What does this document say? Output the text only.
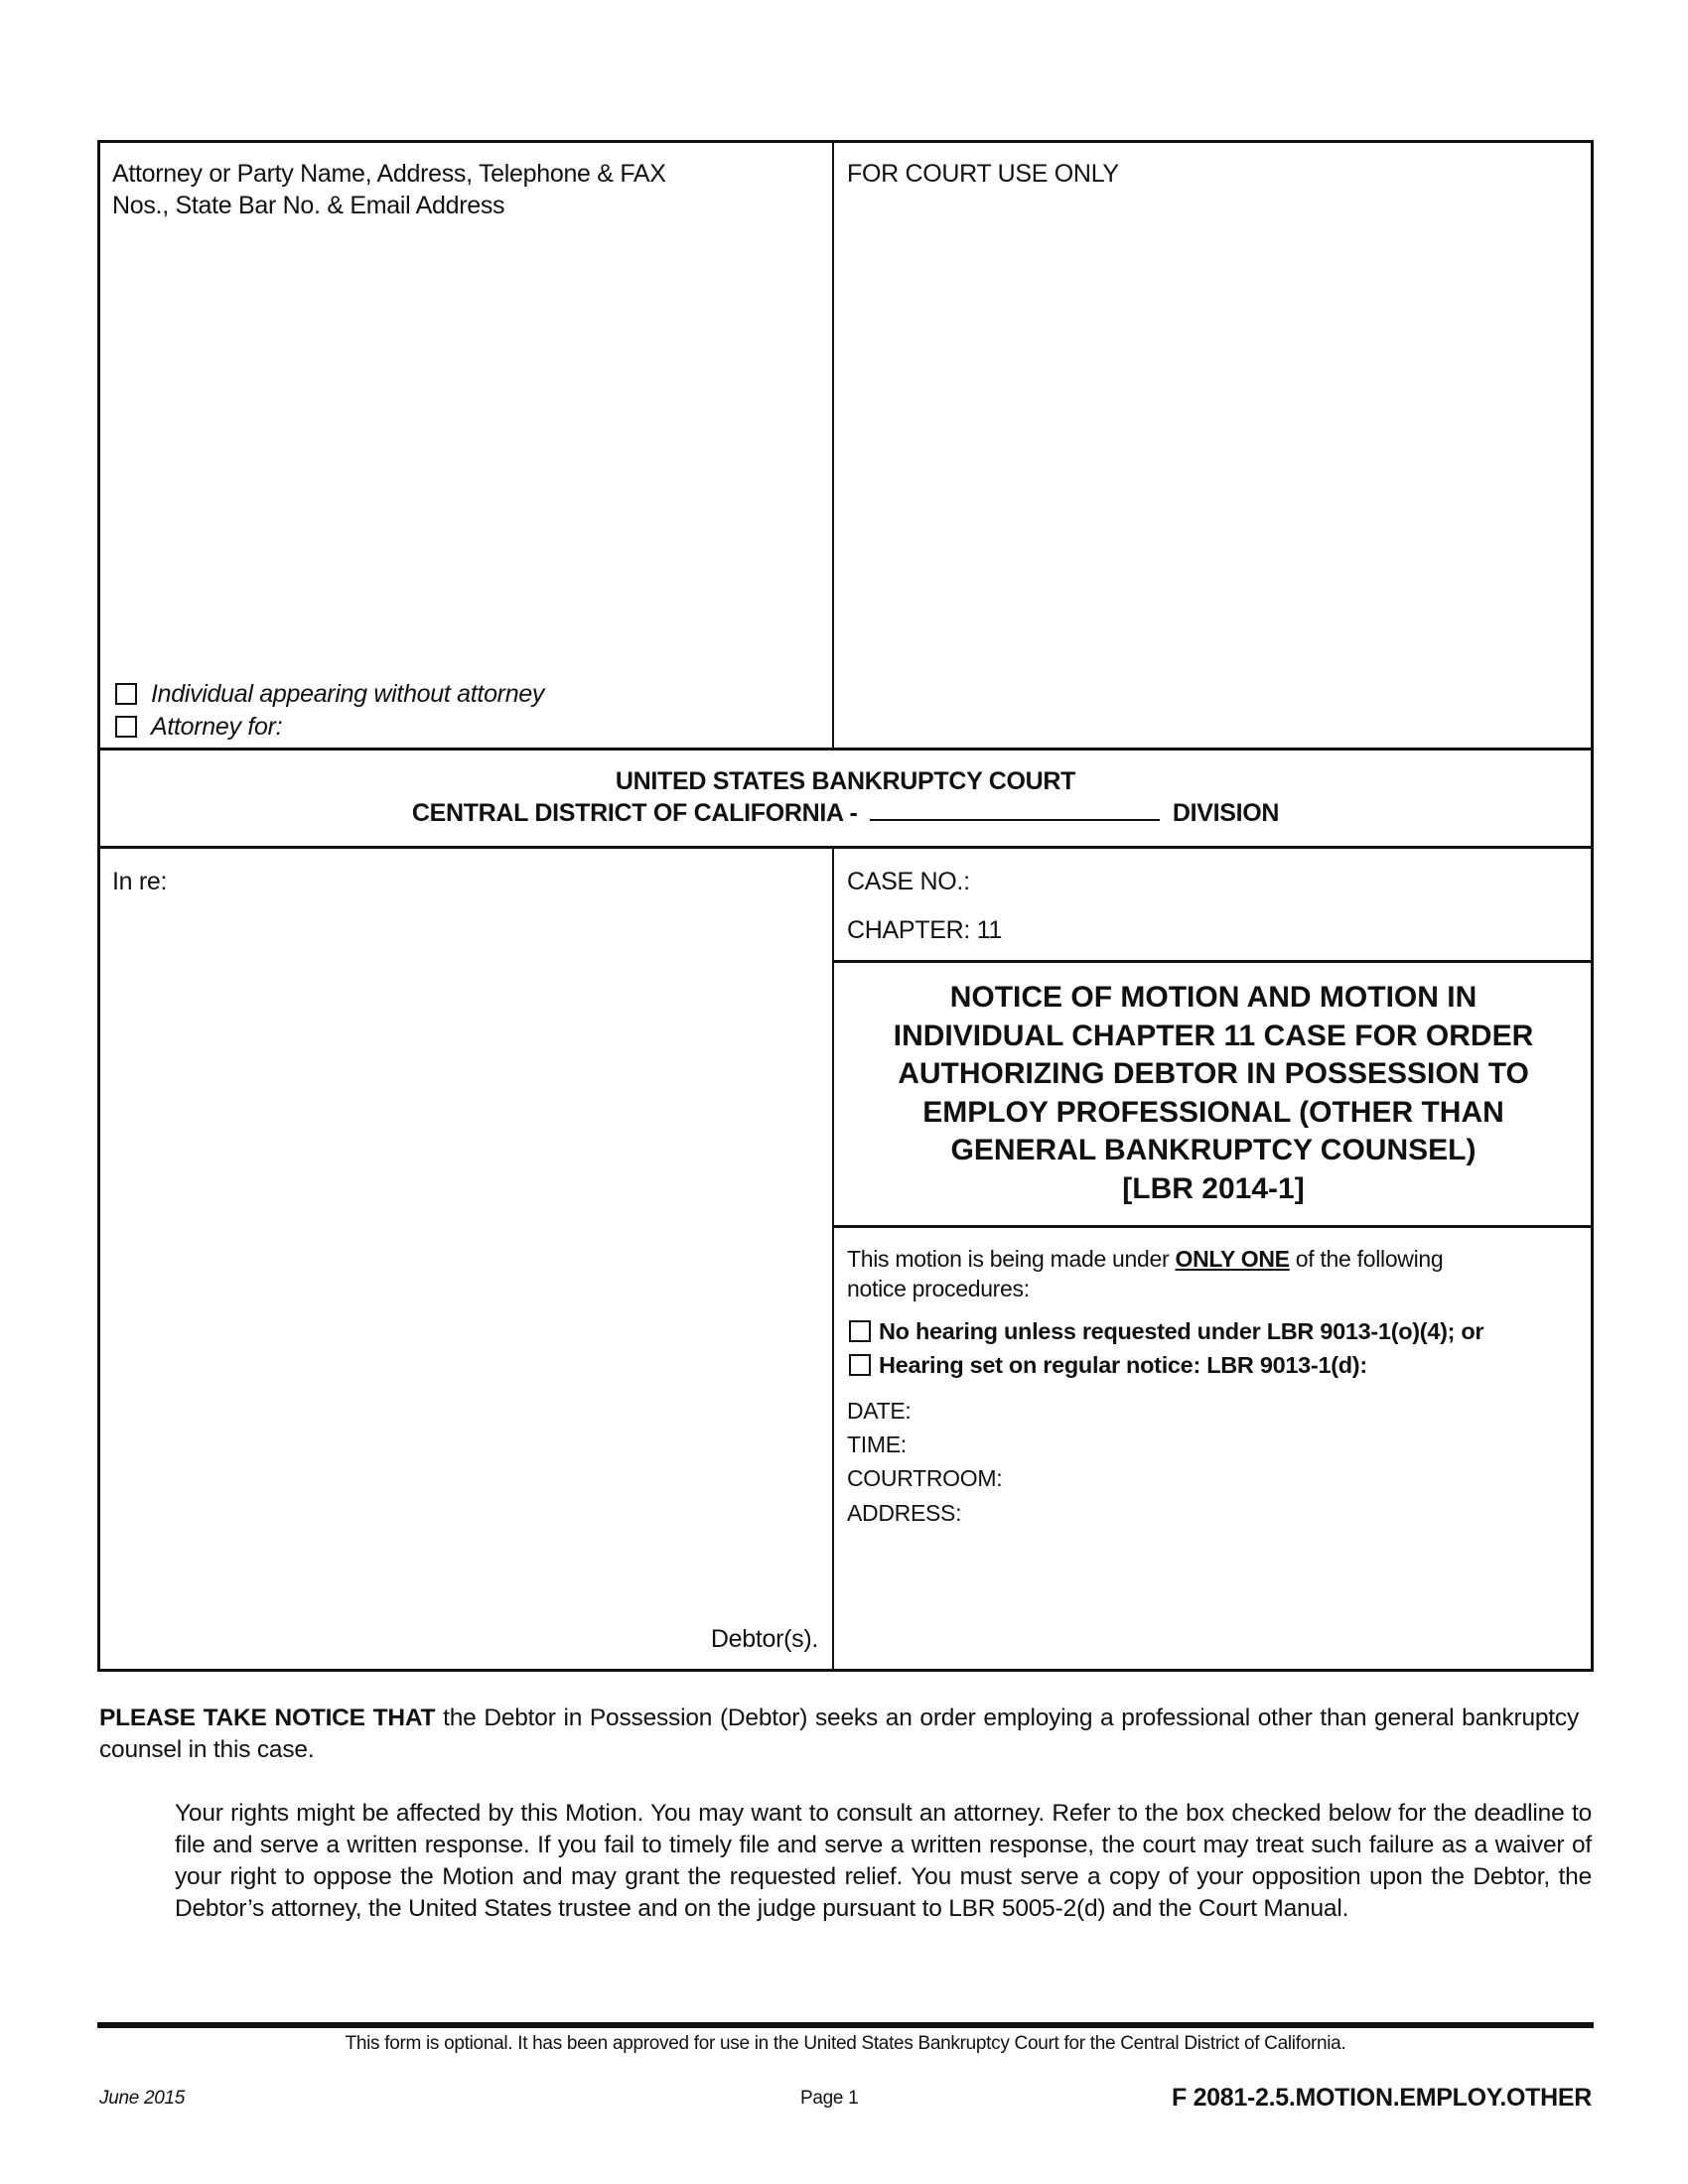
Attorney or Party Name, Address, Telephone & FAX
Nos., State Bar No. & Email Address
FOR COURT USE ONLY
Individual appearing without attorney
Attorney for:
UNITED STATES BANKRUPTCY COURT
CENTRAL DISTRICT OF CALIFORNIA -	DIVISION
In re:	CASE NO.:
CHAPTER: 11
Debtor(s).
NOTICE OF MOTION AND MOTION IN
INDIVIDUAL CHAPTER 11 CASE FOR ORDER
AUTHORIZING DEBTOR IN POSSESSION TO
EMPLOY PROFESSIONAL (OTHER THAN
GENERAL BANKRUPTCY COUNSEL)
[LBR 2014-1]
This motion is being made under ONLY ONE of the following
notice procedures:
No hearing unless requested under LBR 9013-1(o)(4); or
Hearing set on regular notice: LBR 9013-1(d):
DATE:
TIME:
COURTROOM:
ADDRESS:
PLEASE TAKE NOTICE THAT the Debtor in Possession (Debtor) seeks an order employing a professional other than general bankruptcy counsel in this case.
Your rights might be affected by this Motion. You may want to consult an attorney. Refer to the box checked below for the deadline to file and serve a written response. If you fail to timely file and serve a written response, the court may treat such failure as a waiver of your right to oppose the Motion and may grant the requested relief. You must serve a copy of your opposition upon the Debtor, the Debtor’s attorney, the United States trustee and on the judge pursuant to LBR 5005-2(d) and the Court Manual.
This form is optional. It has been approved for use in the United States Bankruptcy Court for the Central District of California.
June 2015	Page 1	F 2081-2.5.MOTION.EMPLOY.OTHER
